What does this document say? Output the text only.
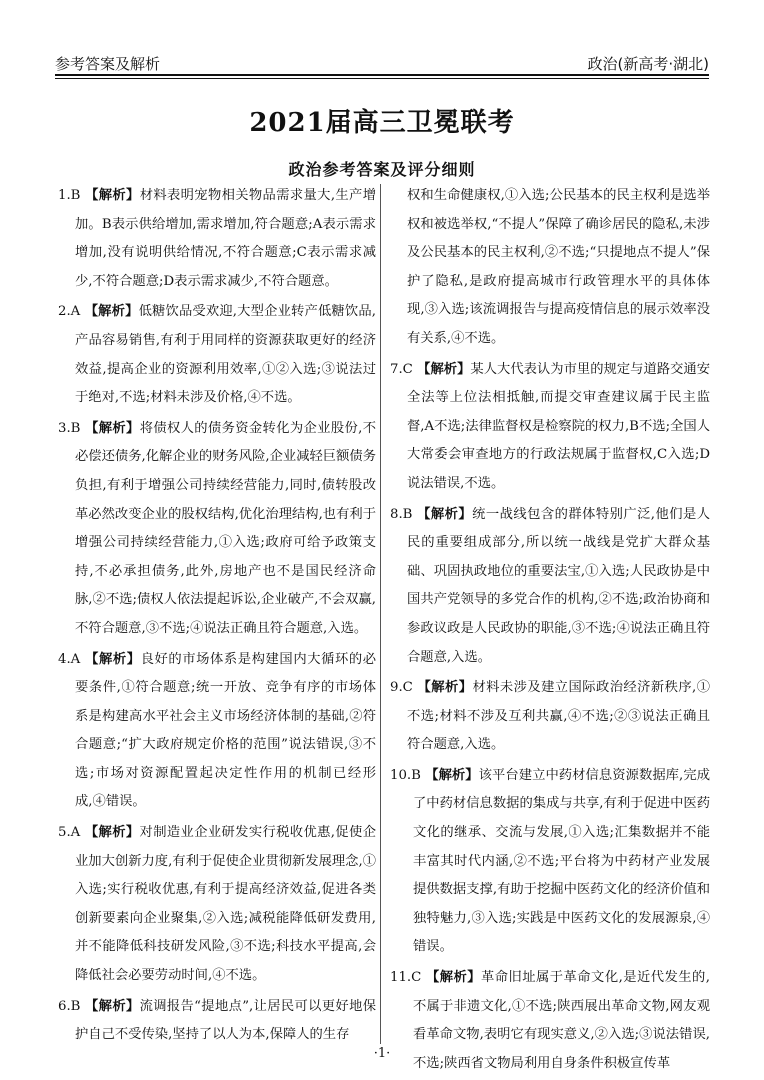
参考答案及解析	政治(新高考·湖北)
2021届高三卫冕联考
政治参考答案及评分细则

1.B 【解析】材料表明宠物相关物品需求量大,生产增加。B表示供给增加,需求增加,符合题意;A表示需求增加,没有说明供给情况,不符合题意;C表示需求减少,不符合题意;D表示需求减少,不符合题意。

2.A 【解析】低糖饮品受欢迎,大型企业转产低糖饮品,产品容易销售,有利于用同样的资源获取更好的经济效益,提高企业的资源利用效率,①②入选;③说法过于绝对,不选;材料未涉及价格,④不选。

3.B 【解析】将债权人的债务资金转化为企业股份,不必偿还债务,化解企业的财务风险,企业减轻巨额债务负担,有利于增强公司持续经营能力,同时,债转股改革必然改变企业的股权结构,优化治理结构,也有利于增强公司持续经营能力,①入选;政府可给予政策支持,不必承担债务,此外,房地产也不是国民经济命脉,②不选;债权人依法提起诉讼,企业破产,不会双赢,不符合题意,③不选;④说法正确且符合题意,入选。

4.A 【解析】良好的市场体系是构建国内大循环的必要条件,①符合题意;统一开放、竞争有序的市场体系是构建高水平社会主义市场经济体制的基础,②符合题意;“扩大政府规定价格的范围”说法错误,③不选;市场对资源配置起决定性作用的机制已经形成,④错误。

5.A 【解析】对制造业企业研发实行税收优惠,促使企业加大创新力度,有利于促使企业贯彻新发展理念,①入选;实行税收优惠,有利于提高经济效益,促进各类创新要素向企业聚集,②入选;减税能降低研发费用,并不能降低科技研发风险,③不选;科技水平提高,会降低社会必要劳动时间,④不选。

6.B 【解析】流调报告“提地点”,让居民可以更好地保护自己不受传染,坚持了以人为本,保障人的生存

权和生命健康权,①入选;公民基本的民主权利是选举权和被选举权,“不提人”保障了确诊居民的隐私,未涉及公民基本的民主权利,②不选;“只提地点不提人”保护了隐私,是政府提高城市行政管理水平的具体体现,③入选;该流调报告与提高疫情信息的展示效率没有关系,④不选。

7.C 【解析】某人大代表认为市里的规定与道路交通安全法等上位法相抵触,而提交审查建议属于民主监督,A不选;法律监督权是检察院的权力,B不选;全国人大常委会审查地方的行政法规属于监督权,C入选;D说法错误,不选。

8.B 【解析】统一战线包含的群体特别广泛,他们是人民的重要组成部分,所以统一战线是党扩大群众基础、巩固执政地位的重要法宝,①入选;人民政协是中国共产党领导的多党合作的机构,②不选;政治协商和参政议政是人民政协的职能,③不选;④说法正确且符合题意,入选。

9.C 【解析】材料未涉及建立国际政治经济新秩序,①不选;材料不涉及互利共赢,④不选;②③说法正确且符合题意,入选。

10.B 【解析】该平台建立中药材信息资源数据库,完成了中药材信息数据的集成与共享,有利于促进中医药文化的继承、交流与发展,①入选;汇集数据并不能丰富其时代内涵,②不选;平台将为中药材产业发展提供数据支撑,有助于挖掘中医药文化的经济价值和独特魅力,③入选;实践是中医药文化的发展源泉,④错误。

11.C 【解析】革命旧址属于革命文化,是近代发生的,不属于非遗文化,①不选;陕西展出革命文物,网友观看革命文物,表明它有现实意义,②入选;③说法错误,不选;陕西省文物局利用自身条件积极宣传革

·1·
